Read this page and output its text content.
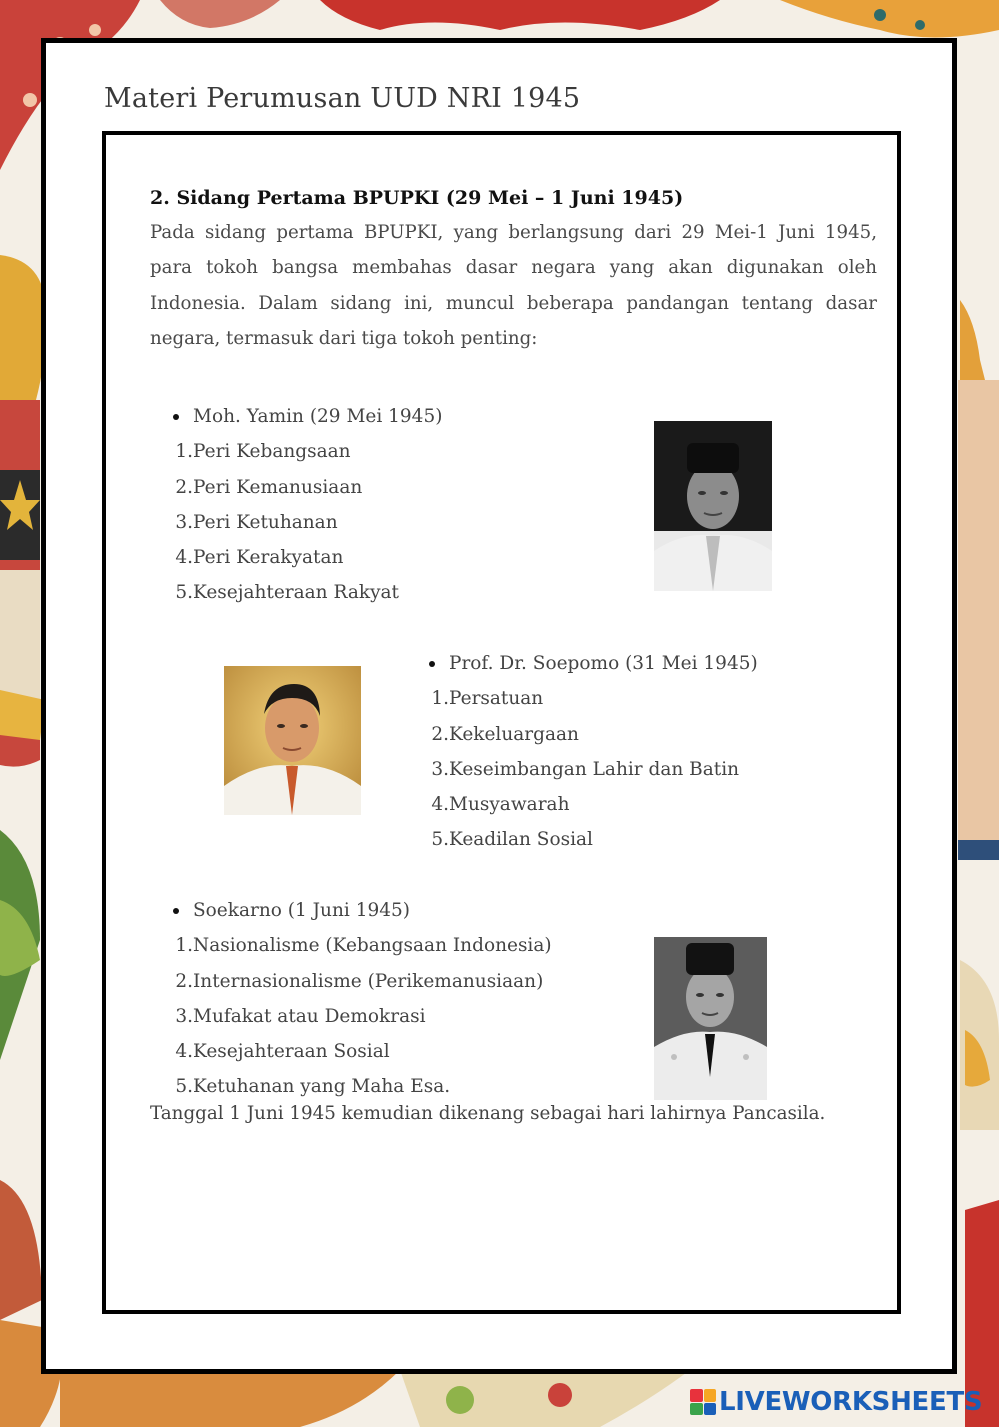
Materi Perumusan UUD NRI 1945
2. Sidang Pertama BPUPKI (29 Mei – 1 Juni 1945)

Pada sidang pertama BPUPKI, yang berlangsung dari 29 Mei-1 Juni 1945, para tokoh bangsa membahas dasar negara yang akan digunakan oleh Indonesia. Dalam sidang ini, muncul beberapa pandangan tentang dasar negara, termasuk dari tiga tokoh penting:

Moh. Yamin (29 Mei 1945)
1.Peri Kebangsaan
2.Peri Kemanusiaan
3.Peri Ketuhanan
4.Peri Kerakyatan
5.Kesejahteraan Rakyat
Prof. Dr. Soepomo (31 Mei 1945)
1.Persatuan
2.Kekeluargaan
3.Keseimbangan Lahir dan Batin
4.Musyawarah
5.Keadilan Sosial
Soekarno (1 Juni 1945)
1.Nasionalisme (Kebangsaan Indonesia)
2.Internasionalisme (Perikemanusiaan)
3.Mufakat atau Demokrasi
4.Kesejahteraan Sosial
5.Ketuhanan yang Maha Esa.

Tanggal 1 Juni 1945 kemudian dikenang sebagai hari lahirnya Pancasila.

LIVEWORKSHEETS
